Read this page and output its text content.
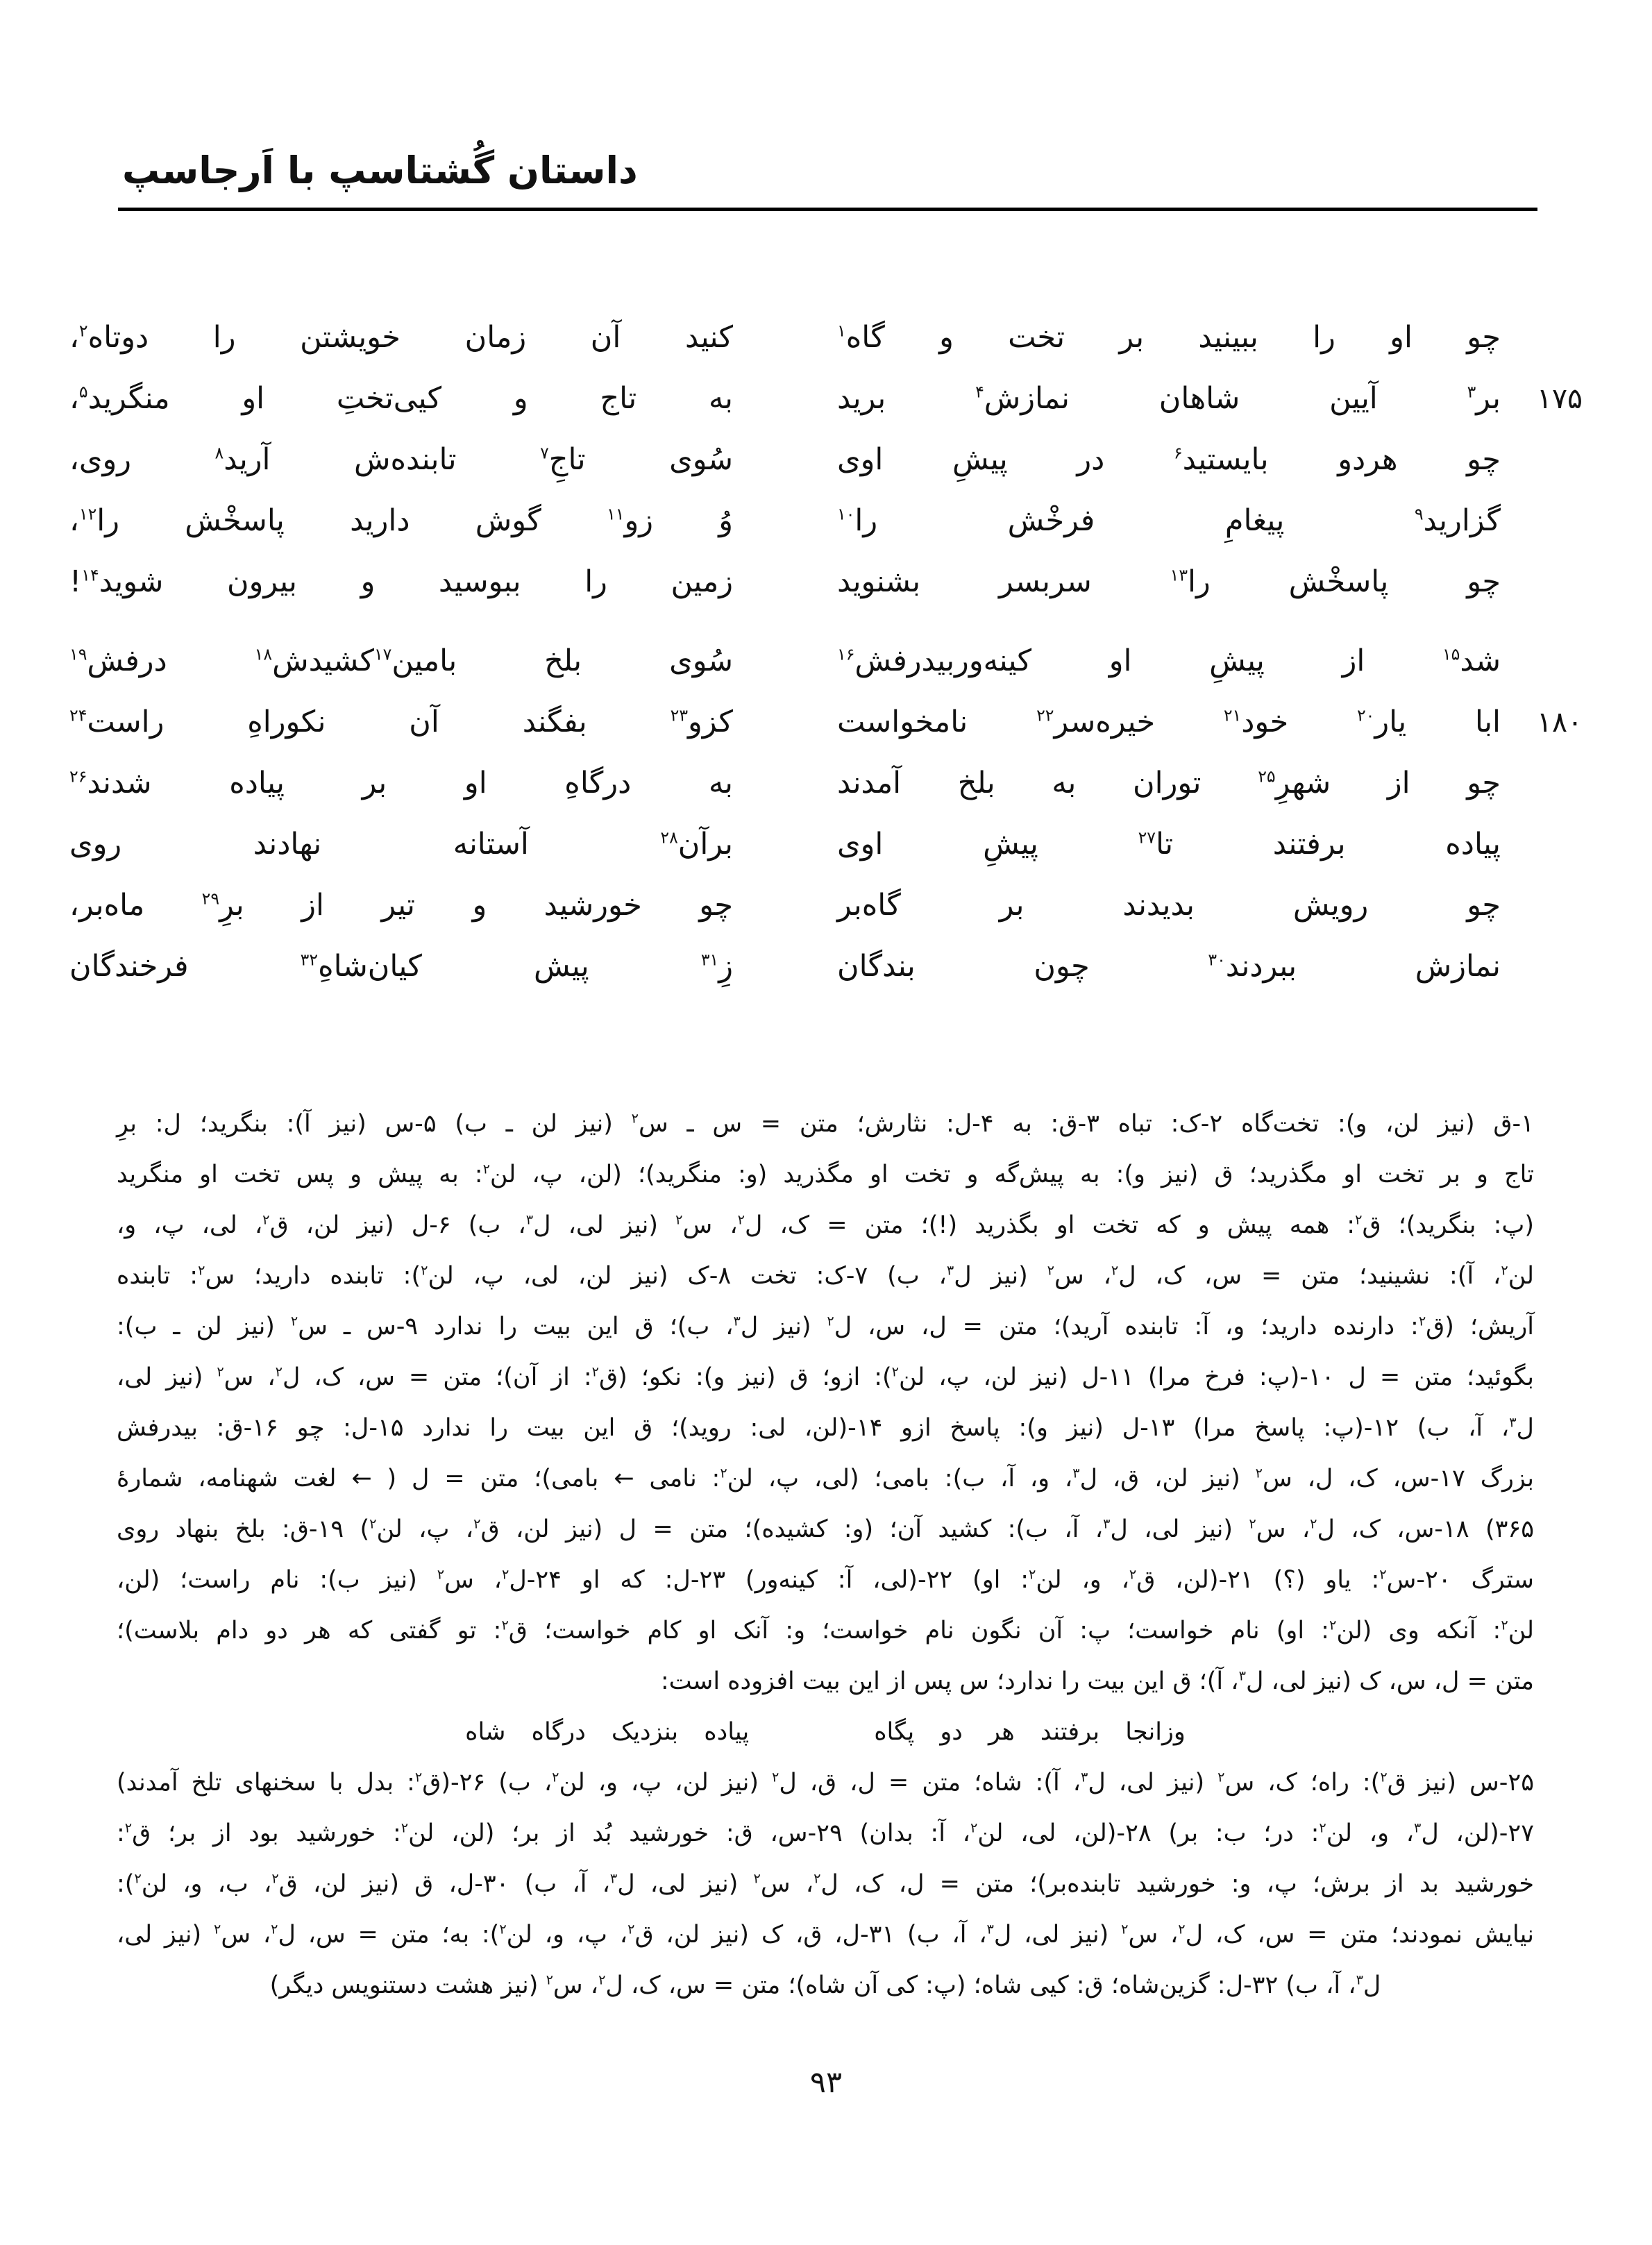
داستان گُشتاسپ با اَرجاسپ
چو او را ببینید بر تخت و گاه$^۱$
کنید آن زمان خویشتن را دوتاه$^۲$،
۱۷۵
بر$^۳$ آیین شاهان نمازش$^۴$ برید
به تاج و کیی‌تختِ او منگرید$^۵$،
چو هردو بایستید$^۶$ در پیشِ اوی
سُوی تاجِ$^۷$ تابنده‌ش آرید$^۸$ روی،
گزارید$^۹$ پیغامِ فرخْش را$^{۱۰}$
وُ زو$^{۱۱}$ گوش دارید پاسخْش را$^{۱۲}$،
چو پاسخْش را$^{۱۳}$ سربسر بشنوید
زمین را ببوسید و بیرون شوید$^{۱۴}$!
شد$^{۱۵}$ از پیشِ او کینه‌وربیدرفش$^{۱۶}$
سُوی بلخ بامین$^{۱۷}$کشیدش$^{۱۸}$ درفش$^{۱۹}$
۱۸۰
ابا یار$^{۲۰}$ خود$^{۲۱}$ خیره‌سر$^{۲۲}$ نامخواست
کزو$^{۲۳}$ بفگند آن نکوراهِ راست$^{۲۴}$
چو از شهرِ$^{۲۵}$ توران به بلخ آمدند
به درگاهِ او بر پیاده شدند$^{۲۶}$
پیاده برفتند تا$^{۲۷}$ پیشِ اوی
برآن$^{۲۸}$ آستانه نهادند روی
چو رویش بدیدند بر گاه‌بر
چو خورشید و تیر از برِ$^{۲۹}$ ماه‌بر،
نمازش ببردند$^{۳۰}$ چون بندگان
زِ$^{۳۱}$ پیش کیان‌شاهِ$^{۳۲}$ فرخندگان
۱-ق (نیز لن، و): تخت‌گاه ۲-ک: تباه ۳-ق: به ۴-ل: نثارش؛ متن = س ـ س$^۲$ (نیز لن ـ ب) ۵-س (نیز آ): بنگرید؛ ل: برِ
تاج و بر تخت او مگذرید؛ ق (نیز و): به پیش‌گه و تخت او مگذرید (و: منگرید)؛ (لن، پ، لن$^۲$: به پیش و پس تخت او منگرید
(پ: بنگرید)؛ ق$^۲$: همه پیش و که تخت او بگذرید (!)؛ متن = ک، ل$^۲$، س$^۲$ (نیز لی، ل$^۳$، ب) ۶-ل (نیز لن، ق$^۲$، لی، پ، و،
لن$^۲$، آ): نشینید؛ متن = س، ک، ل$^۲$، س$^۲$ (نیز ل$^۳$، ب) ۷-ک: تخت ۸-ک (نیز لن، لی، پ، لن$^۲$): تابنده دارید؛ س$^۲$: تابنده
آریش؛ (ق$^۲$: دارنده دارید؛ و، آ: تابنده آرید)؛ متن = ل، س، ل$^۲$ (نیز ل$^۳$، ب)؛ ق این بیت را ندارد ۹-س ـ س$^۲$ (نیز لن ـ ب):
بگوئید؛ متن = ل ۱۰-(پ: فرخ مرا) ۱۱-ل (نیز لن، پ، لن$^۲$): ازو؛ ق (نیز و): نکو؛ (ق$^۲$: از آن)؛ متن = س، ک، ل$^۲$، س$^۲$ (نیز لی،
ل$^۳$، آ، ب) ۱۲-(پ: پاسخ مرا) ۱۳-ل (نیز و): پاسخ ازو ۱۴-(لن، لی: روید)؛ ق این بیت را ندارد ۱۵-ل: چو ۱۶-ق: بیدرفش
بزرگ ۱۷-س، ک، ل، س$^۲$ (نیز لن، ق، ل$^۳$، و، آ، ب): بامی؛ (لی، پ، لن$^۲$: نامی ← بامی)؛ متن = ل ( ← لغت شهنامه، شمارهٔ
۳۶۵) ۱۸-س، ک، ل$^۲$، س$^۲$ (نیز لی، ل$^۳$، آ، ب): کشید آن؛ (و: کشیده)؛ متن = ل (نیز لن، ق$^۲$، پ، لن$^۲$) ۱۹-ق: بلخ بنهاد روی
سترگ ۲۰-س$^۲$: یاو (؟) ۲۱-(لن، ق$^۲$، و، لن$^۲$: او) ۲۲-(لی، آ: کینه‌ور) ۲۳-ل: که او ۲۴-ل$^۲$، س$^۲$ (نیز ب): نام راست؛ (لن،
لن$^۲$: آنکه وی (لن$^۲$: او) نام خواست؛ پ: آن نگون نام خواست؛ و: آنک او کام خواست؛ ق$^۲$: تو گفتی که هر دو دام بلاست)؛
متن = ل، س، ک (نیز لی، ل$^۳$، آ)؛ ق این بیت را ندارد؛ س پس از این بیت افزوده است:
وزانجا برفتند هر دو پگاه
پیاده بنزدیک درگاه شاه
۲۵-س (نیز ق$^۲$): راه؛ ک، س$^۲$ (نیز لی، ل$^۳$، آ): شاه؛ متن = ل، ق، ل$^۲$ (نیز لن، پ، و، لن$^۲$، ب) ۲۶-(ق$^۲$: بدل با سخنهای تلخ آمدند)
۲۷-(لن، ل$^۳$، و، لن$^۲$: در؛ ب: بر) ۲۸-(لن، لی، لن$^۲$، آ: بدان) ۲۹-س، ق: خورشید بُد از بر؛ (لن، لن$^۲$: خورشید بود از بر؛ ق$^۲$:
خورشید بد از برش؛ پ، و: خورشید تابنده‌بر)؛ متن = ل، ک، ل$^۲$، س$^۲$ (نیز لی، ل$^۳$، آ، ب) ۳۰-ل، ق (نیز لن، ق$^۲$، ب، و، لن$^۲$):
نیایش نمودند؛ متن = س، ک، ل$^۲$، س$^۲$ (نیز لی، ل$^۳$، آ، ب) ۳۱-ل، ق، ک (نیز لن، ق$^۲$، پ، و، لن$^۲$): به؛ متن = س، ل$^۲$، س$^۲$ (نیز لی،
ل$^۳$، آ، ب) ۳۲-ل: گزین‌شاه؛ ق: کیی شاه؛ (پ: کی آن شاه)؛ متن = س، ک، ل$^۲$، س$^۲$ (نیز هشت دستنویس دیگر)
۹۳
